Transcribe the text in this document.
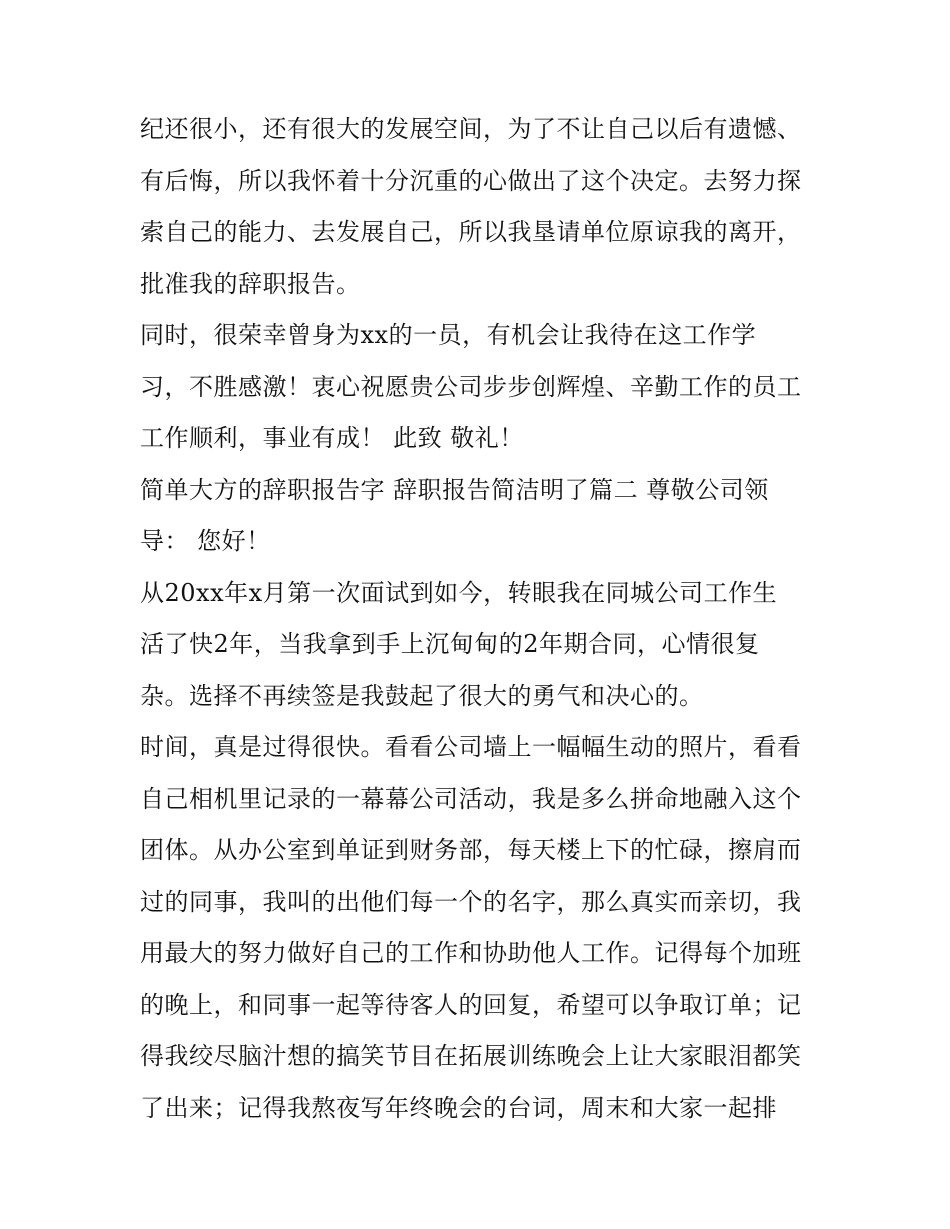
纪还很小，还有很大的发展空间，为了不让自己以后有遗憾、
有后悔，所以我怀着十分沉重的心做出了这个决定。去努力探
索自己的能力、去发展自己，所以我垦请单位原谅我的离开，
批准我的辞职报告。
同时，很荣幸曾身为xx的一员，有机会让我待在这工作学
习，不胜感激！衷心祝愿贵公司步步创辉煌、辛勤工作的员工
工作顺利，事业有成！ 此致 敬礼！
简单大方的辞职报告字 辞职报告简洁明了篇二 尊敬公司领
导： 您好！
从20xx年x月第一次面试到如今，转眼我在同城公司工作生
活了快2年，当我拿到手上沉甸甸的2年期合同，心情很复
杂。选择不再续签是我鼓起了很大的勇气和决心的。
时间，真是过得很快。看看公司墙上一幅幅生动的照片，看看
自己相机里记录的一幕幕公司活动，我是多么拼命地融入这个
团体。从办公室到单证到财务部，每天楼上下的忙碌，擦肩而
过的同事，我叫的出他们每一个的名字，那么真实而亲切，我
用最大的努力做好自己的工作和协助他人工作。记得每个加班
的晚上，和同事一起等待客人的回复，希望可以争取订单；记
得我绞尽脑汁想的搞笑节目在拓展训练晚会上让大家眼泪都笑
了出来；记得我熬夜写年终晚会的台词，周末和大家一起排
